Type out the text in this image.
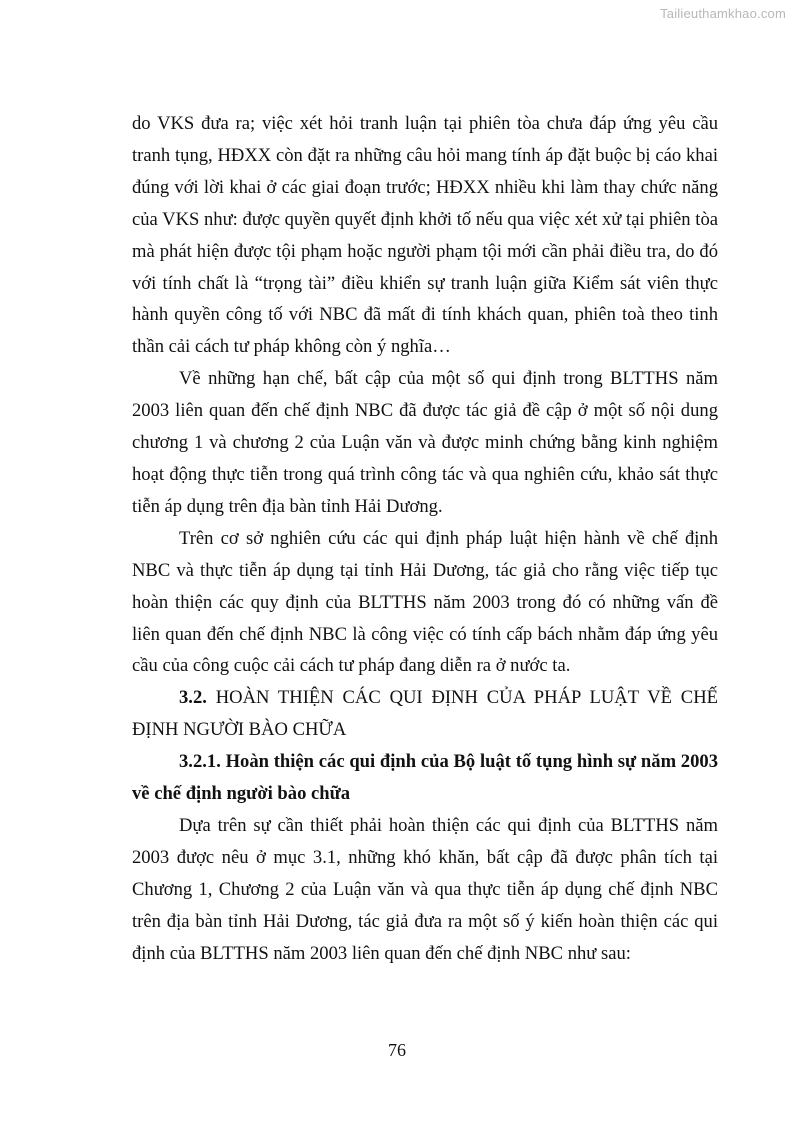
Tailieuthamkhao.com

do VKS đưa ra; việc xét hỏi tranh luận tại phiên tòa chưa đáp ứng yêu cầu tranh tụng, HĐXX còn đặt ra những câu hỏi mang tính áp đặt buộc bị cáo khai đúng với lời khai ở các giai đoạn trước; HĐXX nhiều khi làm thay chức năng của VKS như: được quyền quyết định khởi tố nếu qua việc xét xử tại phiên tòa mà phát hiện được tội phạm hoặc người phạm tội mới cần phải điều tra, do đó với tính chất là “trọng tài” điều khiển sự tranh luận giữa Kiểm sát viên thực hành quyền công tố với NBC đã mất đi tính khách quan, phiên toà theo tinh thần cải cách tư pháp không còn ý nghĩa…

Về những hạn chế, bất cập của một số qui định trong BLTTHS năm 2003 liên quan đến chế định NBC đã được tác giả đề cập ở một số nội dung chương 1 và chương 2 của Luận văn và được minh chứng bằng kinh nghiệm hoạt động thực tiễn trong quá trình công tác và qua nghiên cứu, khảo sát thực tiễn áp dụng trên địa bàn tỉnh Hải Dương.

Trên cơ sở nghiên cứu các qui định pháp luật hiện hành về chế định NBC và thực tiễn áp dụng tại tỉnh Hải Dương, tác giả cho rằng việc tiếp tục hoàn thiện các quy định của BLTTHS năm 2003 trong đó có những vấn đề liên quan đến chế định NBC là công việc có tính cấp bách nhằm đáp ứng yêu cầu của công cuộc cải cách tư pháp đang diễn ra ở nước ta.

3.2. HOÀN THIỆN CÁC QUI ĐỊNH CỦA PHÁP LUẬT VỀ CHẾ ĐỊNH NGƯỜI BÀO CHỮA

3.2.1. Hoàn thiện các qui định của Bộ luật tố tụng hình sự năm 2003 về chế định người bào chữa

Dựa trên sự cần thiết phải hoàn thiện các qui định của BLTTHS năm 2003 được nêu ở mục 3.1, những khó khăn, bất cập đã được phân tích tại Chương 1, Chương 2 của Luận văn và qua thực tiễn áp dụng chế định NBC trên địa bàn tỉnh Hải Dương, tác giả đưa ra một số ý kiến hoàn thiện các qui định của BLTTHS năm 2003 liên quan đến chế định NBC như sau:

76
